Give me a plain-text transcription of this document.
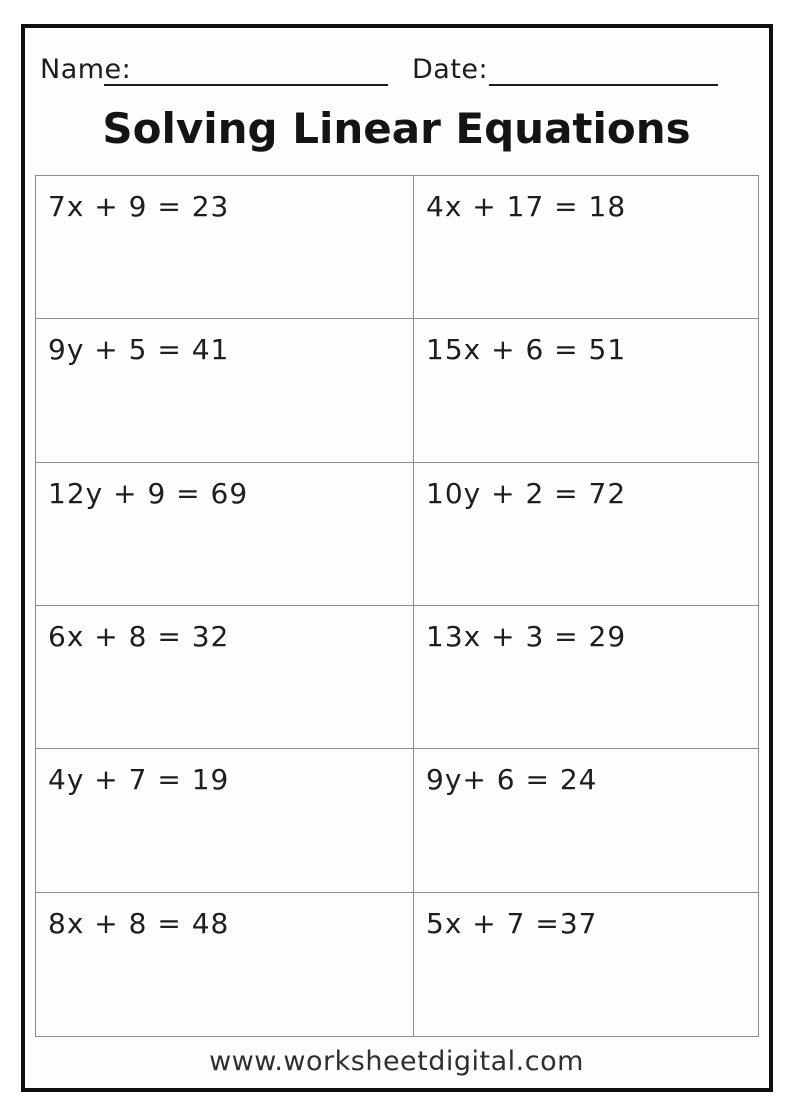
Name:	Date:
Solving Linear Equations
7x + 9 = 23	4x + 17 = 18
9y + 5 = 41	15x + 6 = 51
12y + 9 = 69	10y + 2 = 72
6x + 8 = 32	13x + 3 = 29
4y + 7 = 19	9y+ 6 = 24
8x + 8 = 48	5x + 7 =37
www.worksheetdigital.com
